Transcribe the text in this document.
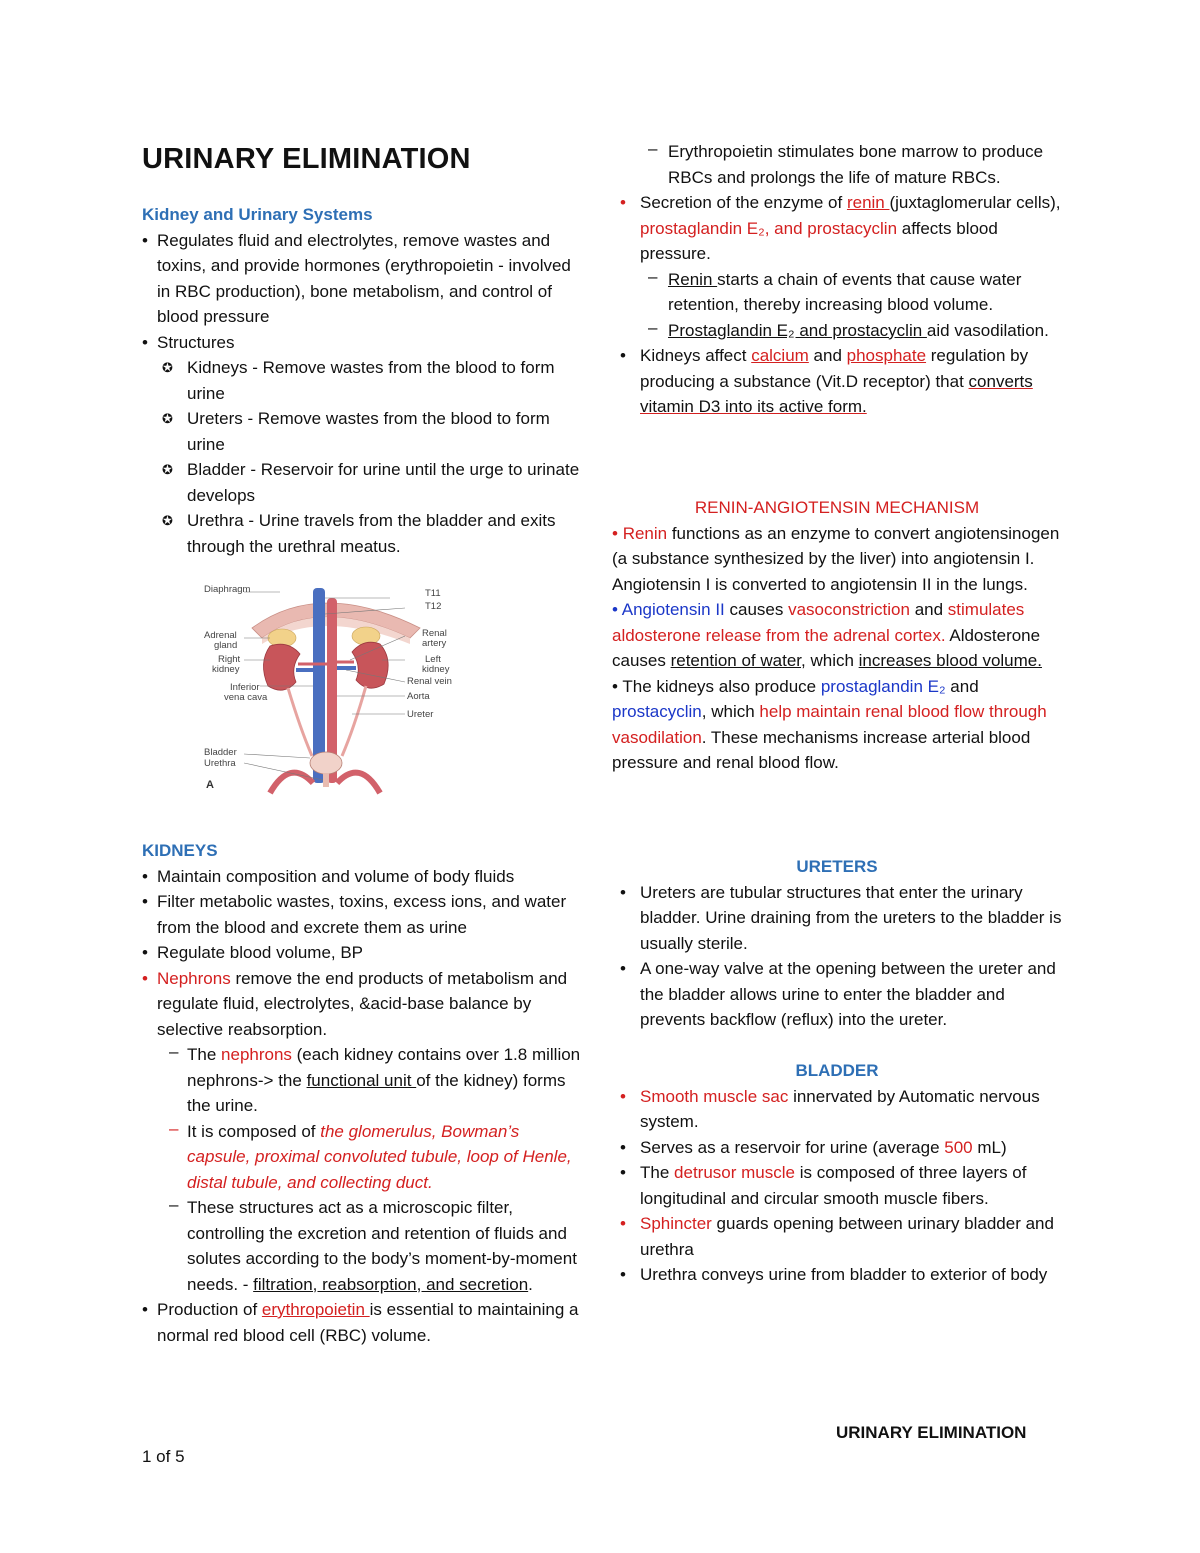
URINARY ELIMINATION
Kidney and Urinary Systems
• Regulates fluid and electrolytes, remove wastes and toxins, and provide hormones (erythropoietin - involved in RBC production), bone metabolism, and control of blood pressure
• Structures
✪ Kidneys - Remove wastes from the blood to form urine
✪ Ureters - Remove wastes from the blood to form urine
✪ Bladder - Reservoir for urine until the urge to urinate develops
✪ Urethra - Urine travels from the bladder and exits through the urethral meatus.
KIDNEYS
• Maintain composition and volume of body fluids
• Filter metabolic wastes, toxins, excess ions, and water from the blood and excrete them as urine
• Regulate blood volume, BP
• Nephrons remove the end products of metabolism and regulate fluid, electrolytes, &acid-base balance by selective reabsorption.
– The nephrons (each kidney contains over 1.8 million nephrons-> the functional unit of the kidney) forms the urine.
– It is composed of the glomerulus, Bowman’s capsule, proximal convoluted tubule, loop of Henle, distal tubule, and collecting duct.
– These structures act as a microscopic filter, controlling the excretion and retention of fluids and solutes according to the body’s moment-by-moment needs. - filtration, reabsorption, and secretion.
• Production of erythropoietin is essential to maintaining a normal red blood cell (RBC) volume.
Diaphragm	T11
T12
Adrenal
gland
Right
kidney
Inferior
vena cava
Renal
artery
Left
kidney
Renal vein
Aorta
Ureter
Bladder
Urethra
A
– Erythropoietin stimulates bone marrow to produce RBCs and prolongs the life of mature RBCs.
• Secretion of the enzyme of renin (juxtaglomerular cells), prostaglandin E₂, and prostacyclin affects blood pressure.
– Renin starts a chain of events that cause water retention, thereby increasing blood volume.
– Prostaglandin E₂ and prostacyclin aid vasodilation.
• Kidneys affect calcium and phosphate regulation by producing a substance (Vit.D receptor) that converts vitamin D3 into its active form.
RENIN-ANGIOTENSIN MECHANISM
• Renin functions as an enzyme to convert angiotensinogen (a substance synthesized by the liver) into angiotensin I. Angiotensin I is converted to angiotensin II in the lungs.
• Angiotensin II causes vasoconstriction and stimulates aldosterone release from the adrenal cortex. Aldosterone causes retention of water, which increases blood volume.
• The kidneys also produce prostaglandin E₂ and prostacyclin, which help maintain renal blood flow through vasodilation. These mechanisms increase arterial blood pressure and renal blood flow.
URETERS
• Ureters are tubular structures that enter the urinary bladder. Urine draining from the ureters to the bladder is usually sterile.
• A one-way valve at the opening between the ureter and the bladder allows urine to enter the bladder and prevents backflow (reflux) into the ureter.
BLADDER
• Smooth muscle sac innervated by Automatic nervous system.
• Serves as a reservoir for urine (average 500 mL)
• The detrusor muscle is composed of three layers of longitudinal and circular smooth muscle fibers.
• Sphincter guards opening between urinary bladder and urethra
• Urethra conveys urine from bladder to exterior of body
1 of 5
URINARY ELIMINATION
